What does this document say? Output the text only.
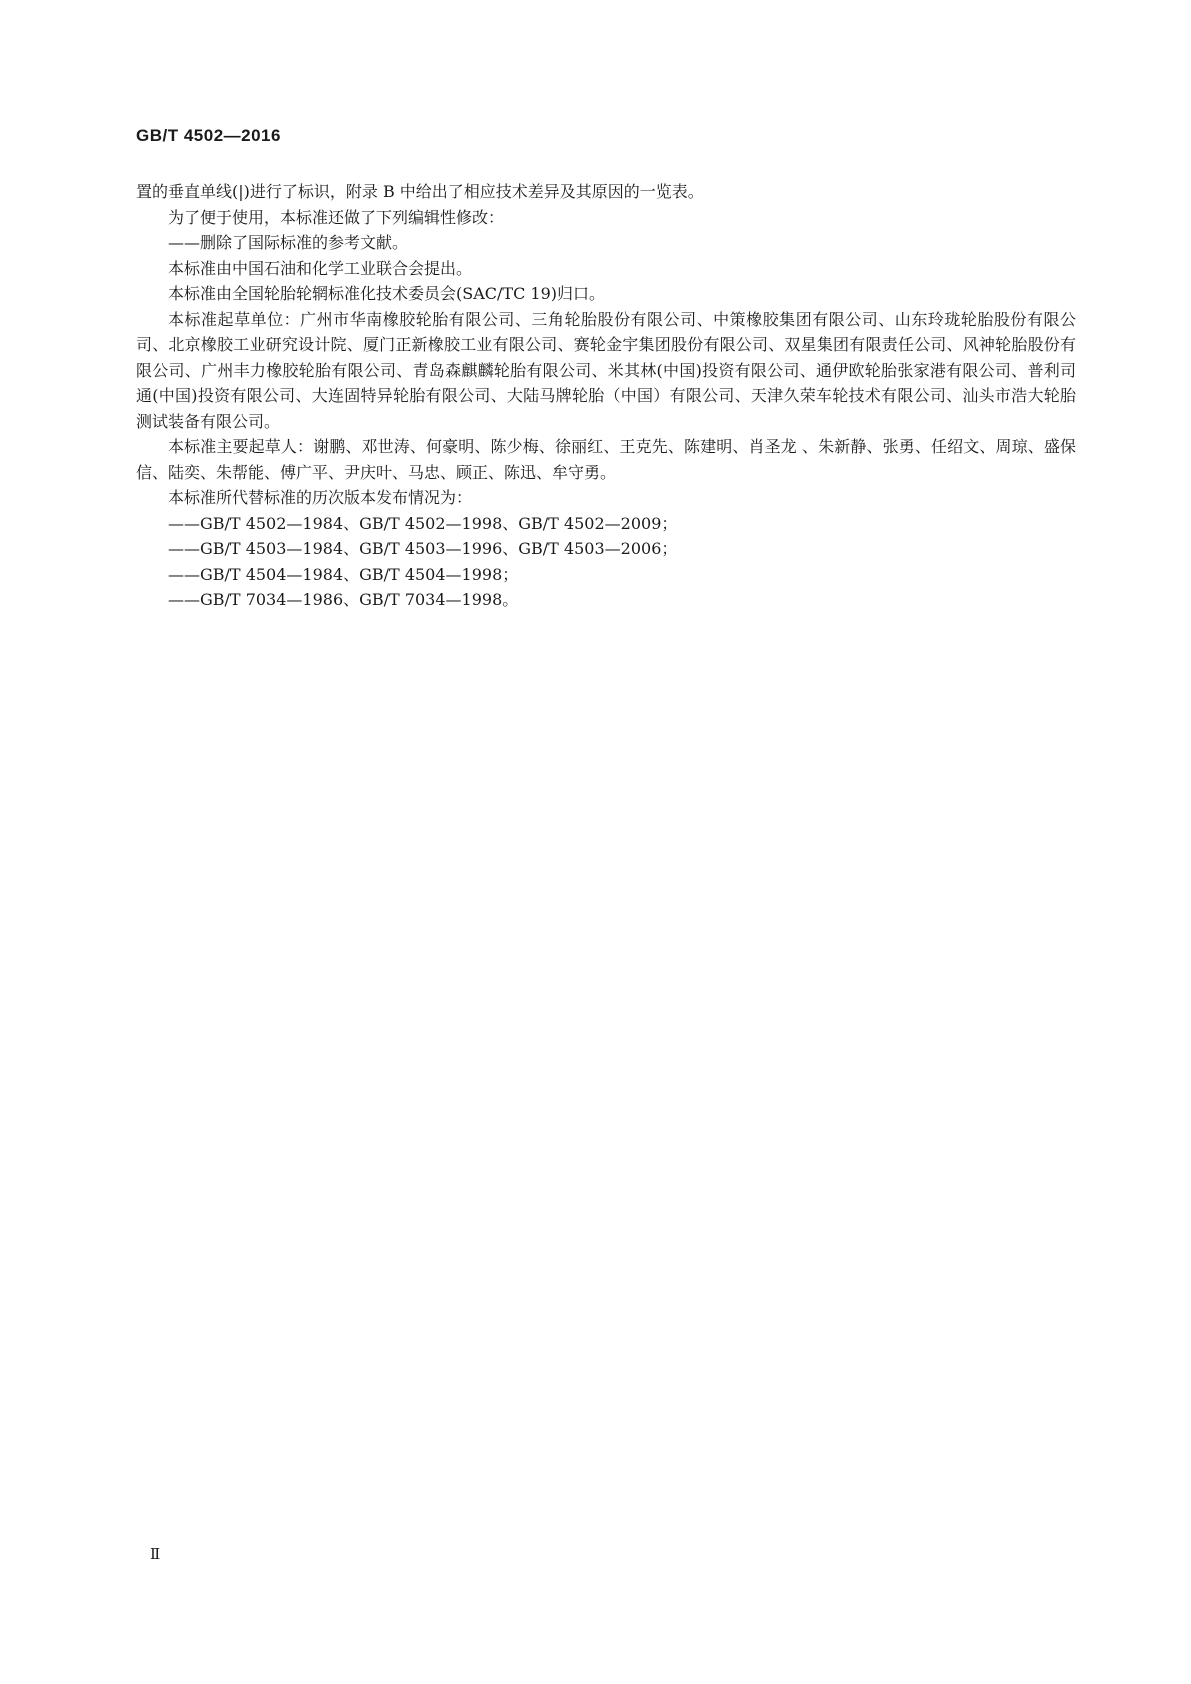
GB/T 4502—2016

置的垂直单线(|)进行了标识，附录 B 中给出了相应技术差异及其原因的一览表。

为了便于使用，本标准还做了下列编辑性修改：

——删除了国际标准的参考文献。

本标准由中国石油和化学工业联合会提出。

本标准由全国轮胎轮辋标准化技术委员会(SAC/TC 19)归口。

本标准起草单位：广州市华南橡胶轮胎有限公司、三角轮胎股份有限公司、中策橡胶集团有限公司、山东玲珑轮胎股份有限公司、北京橡胶工业研究设计院、厦门正新橡胶工业有限公司、赛轮金宇集团股份有限公司、双星集团有限责任公司、风神轮胎股份有限公司、广州丰力橡胶轮胎有限公司、青岛森麒麟轮胎有限公司、米其林(中国)投资有限公司、通伊欧轮胎张家港有限公司、普利司通(中国)投资有限公司、大连固特异轮胎有限公司、大陆马牌轮胎（中国）有限公司、天津久荣车轮技术有限公司、汕头市浩大轮胎测试装备有限公司。

本标准主要起草人：谢鹏、邓世涛、何豪明、陈少梅、徐丽红、王克先、陈建明、肖圣龙 、朱新静、张勇、任绍文、周琼、盛保信、陆奕、朱帮能、傅广平、尹庆叶、马忠、顾正、陈迅、牟守勇。

本标准所代替标准的历次版本发布情况为：

——GB/T 4502—1984、GB/T 4502—1998、GB/T 4502—2009；

——GB/T 4503—1984、GB/T 4503—1996、GB/T 4503—2006；

——GB/T 4504—1984、GB/T 4504—1998；

——GB/T 7034—1986、GB/T 7034—1998。

Ⅱ
